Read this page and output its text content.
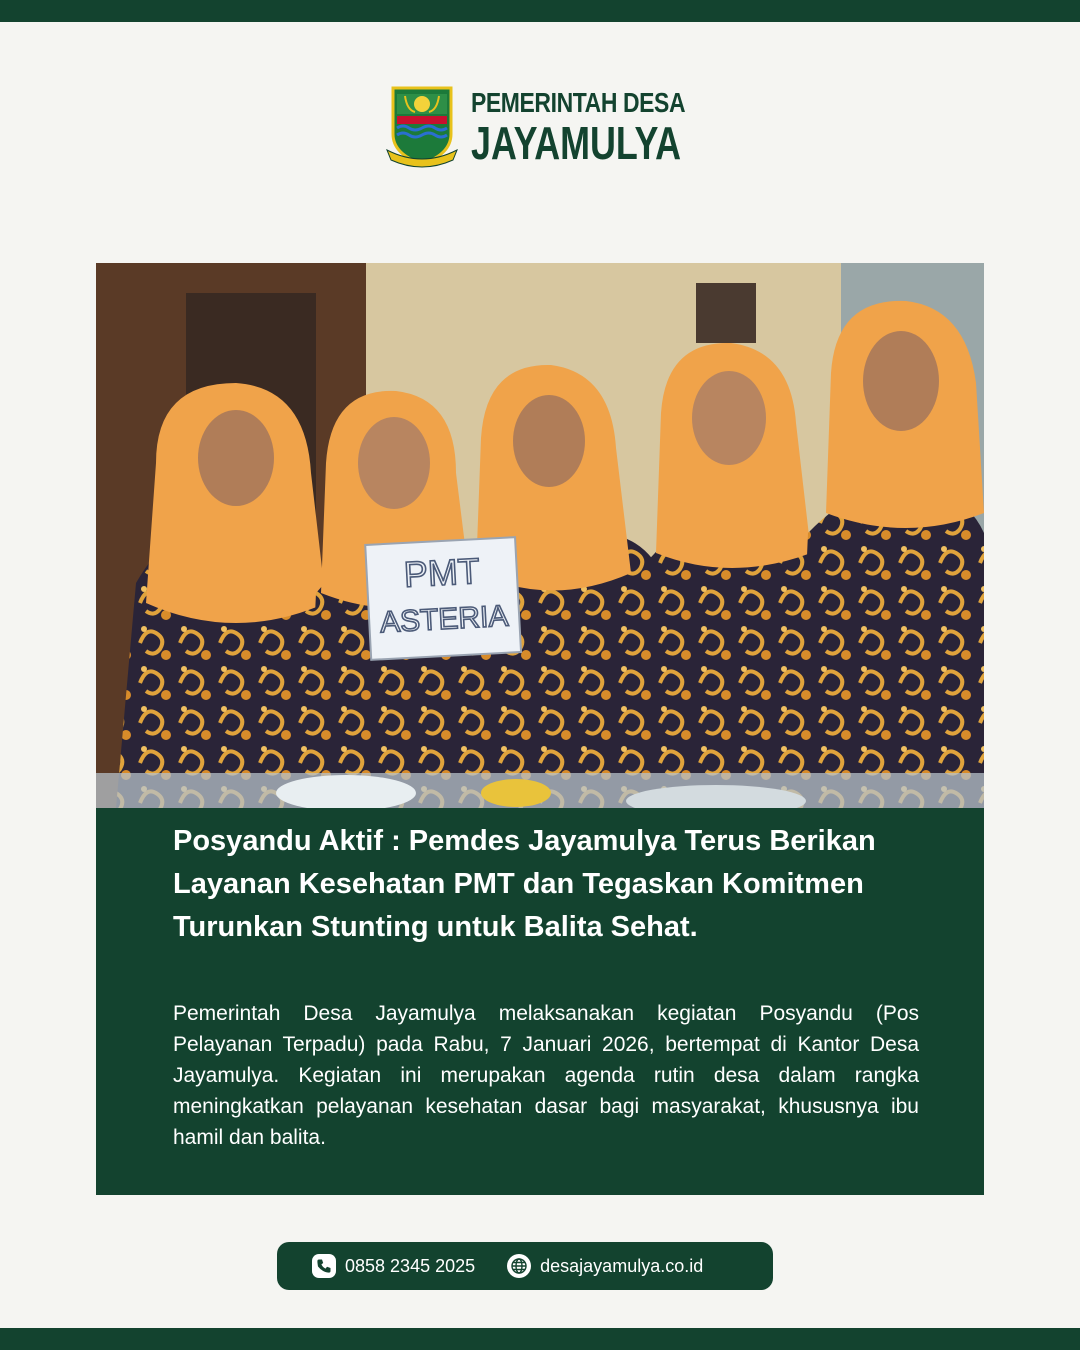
PEMERINTAH DESA
JAYAMULYA
PMT
ASTERIA
Posyandu Aktif : Pemdes Jayamulya Terus Berikan Layanan Kesehatan PMT dan Tegaskan Komitmen Turunkan Stunting untuk Balita Sehat.

Pemerintah Desa Jayamulya melaksanakan kegiatan Posyandu (Pos Pelayanan Terpadu) pada Rabu, 7 Januari 2026, bertempat di Kantor Desa Jayamulya. Kegiatan ini merupakan agenda rutin desa dalam rangka meningkatkan pelayanan kesehatan dasar bagi masyarakat, khususnya ibu hamil dan balita.

0858 2345 2025	desajayamulya.co.id
